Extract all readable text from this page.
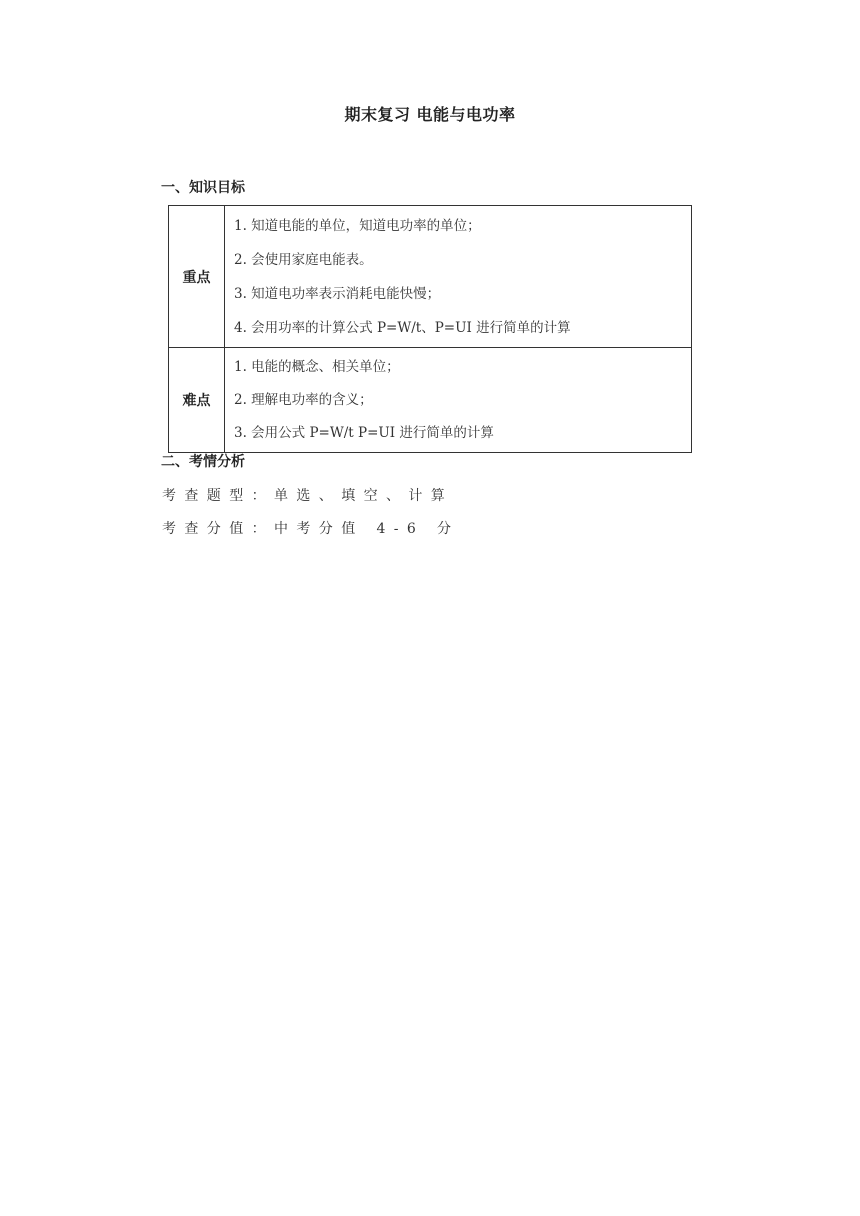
期末复习 电能与电功率
一、知识目标
重点	1. 知道电能的单位，知道电功率的单位；
2. 会使用家庭电能表。
3. 知道电功率表示消耗电能快慢；
4. 会用功率的计算公式 P=W/t、P=UI 进行简单的计算

难点	1. 电能的概念、相关单位；
2. 理解电功率的含义；
3. 会用公式 P=W/t P=UI 进行简单的计算
二、考情分析
考查题型：单选、填空、计算
考查分值：中考分值 4-6 分
